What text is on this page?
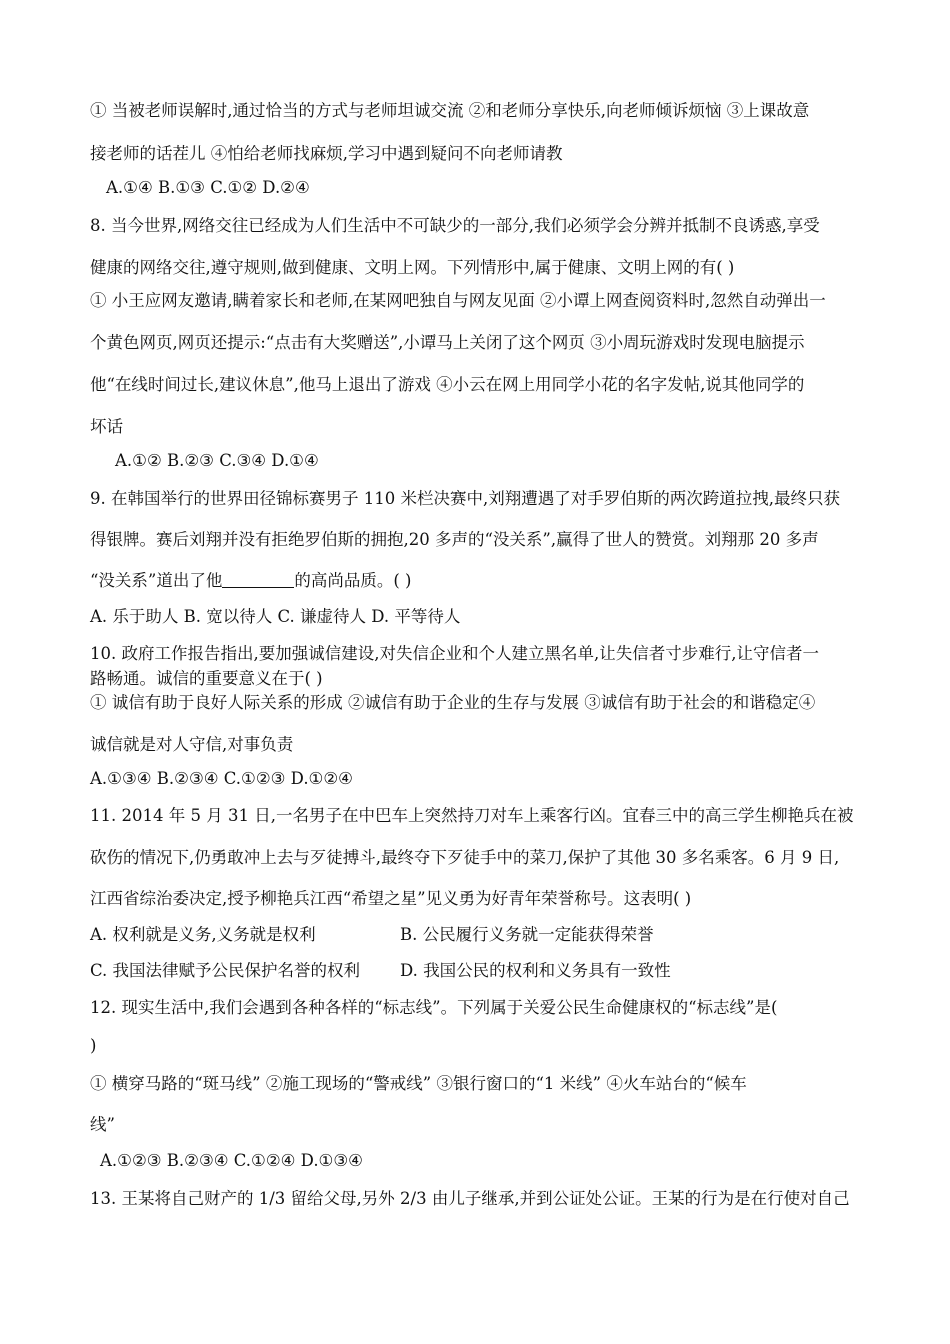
① 当被老师误解时,通过恰当的方式与老师坦诚交流 ②和老师分享快乐,向老师倾诉烦恼 ③上课故意
接老师的话茬儿 ④怕给老师找麻烦,学习中遇到疑问不向老师请教
A.①④ B.①③ C.①② D.②④
8. 当今世界,网络交往已经成为人们生活中不可缺少的一部分,我们必须学会分辨并抵制不良诱惑,享受
健康的网络交往,遵守规则,做到健康、文明上网。下列情形中,属于健康、文明上网的有( )
① 小王应网友邀请,瞒着家长和老师,在某网吧独自与网友见面 ②小谭上网查阅资料时,忽然自动弹出一
个黄色网页,网页还提示:“点击有大奖赠送”,小谭马上关闭了这个网页 ③小周玩游戏时发现电脑提示
他“在线时间过长,建议休息”,他马上退出了游戏 ④小云在网上用同学小花的名字发帖,说其他同学的
坏话
A.①② B.②③ C.③④ D.①④
9. 在韩国举行的世界田径锦标赛男子 110 米栏决赛中,刘翔遭遇了对手罗伯斯的两次跨道拉拽,最终只获
得银牌。赛后刘翔并没有拒绝罗伯斯的拥抱,20 多声的“没关系”,赢得了世人的赞赏。刘翔那 20 多声
“没关系”道出了他	的高尚品质。( )
A. 乐于助人 B. 宽以待人 C. 谦虚待人 D. 平等待人
10. 政府工作报告指出,要加强诚信建设,对失信企业和个人建立黑名单,让失信者寸步难行,让守信者一
路畅通。诚信的重要意义在于( )
① 诚信有助于良好人际关系的形成 ②诚信有助于企业的生存与发展 ③诚信有助于社会的和谐稳定④
诚信就是对人守信,对事负责
A.①③④ B.②③④ C.①②③ D.①②④
11. 2014 年 5 月 31 日,一名男子在中巴车上突然持刀对车上乘客行凶。宜春三中的高三学生柳艳兵在被
砍伤的情况下,仍勇敢冲上去与歹徒搏斗,最终夺下歹徒手中的菜刀,保护了其他 30 多名乘客。6 月 9 日,
江西省综治委决定,授予柳艳兵江西“希望之星”见义勇为好青年荣誉称号。这表明( )
A. 权利就是义务,义务就是权利	B. 公民履行义务就一定能获得荣誉
C. 我国法律赋予公民保护名誉的权利 D. 我国公民的权利和义务具有一致性
12. 现实生活中,我们会遇到各种各样的“标志线”。下列属于关爱公民生命健康权的“标志线”是(
)
① 横穿马路的“斑马线” ②施工现场的“警戒线” ③银行窗口的“1 米线” ④火车站台的“候车
线”
A.①②③ B.②③④ C.①②④ D.①③④
13. 王某将自己财产的 1/3 留给父母,另外 2/3 由儿子继承,并到公证处公证。王某的行为是在行使对自己
